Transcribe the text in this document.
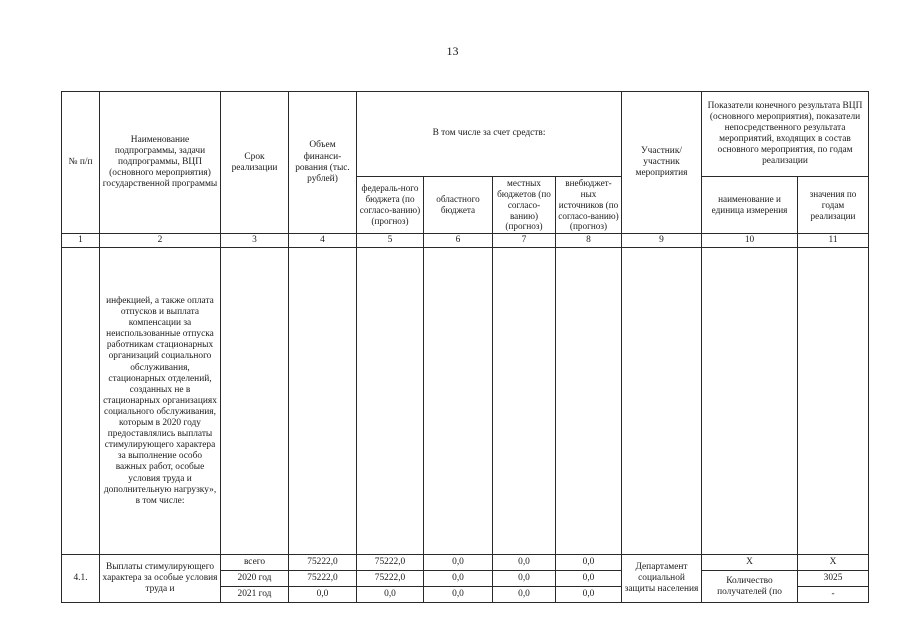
13
№ п/п	Наименование подпрограммы, задачи подпрограммы, ВЦП (основного мероприятия) государственной программы	Срок реализации	Объем финанси-рования (тыс. рублей)	В том числе за счет средств:				Участник/ участник мероприятия	Показатели конечного результата ВЦП (основного мероприятия), показатели непосредственного результата мероприятий, входящих в состав основного мероприятия, по годам реализации	
				федераль-ного бюджета (по согласо-ванию) (прогноз)	областного бюджета	местных бюджетов (по согласо-ванию) (прогноз)	внебюджет-ных источников (по согласо-ванию) (прогноз)		наименование и единица измерения	значения по годам реализации
1	2	3	4	5	6	7	8	9	10	11
	инфекцией, а также оплата отпусков и выплата компенсации за неиспользованные отпуска работникам стационарных организаций социального обслуживания, стационарных отделений, созданных не в стационарных организациях социального обслуживания, которым в 2020 году предоставлялись выплаты стимулирующего характера за выполнение особо важных работ, особые условия труда и дополнительную нагрузку», в том числе:									
4.1.	Выплаты стимулирующего характера за особые условия труда и	всего	75222,0	75222,0	0,0	0,0	0,0	Департамент социальной защиты населения	Х	Х
		2020 год	75222,0	75222,0	0,0	0,0	0,0		Количество получателей (по	3025
		2021 год	0,0	0,0	0,0	0,0	0,0			-
